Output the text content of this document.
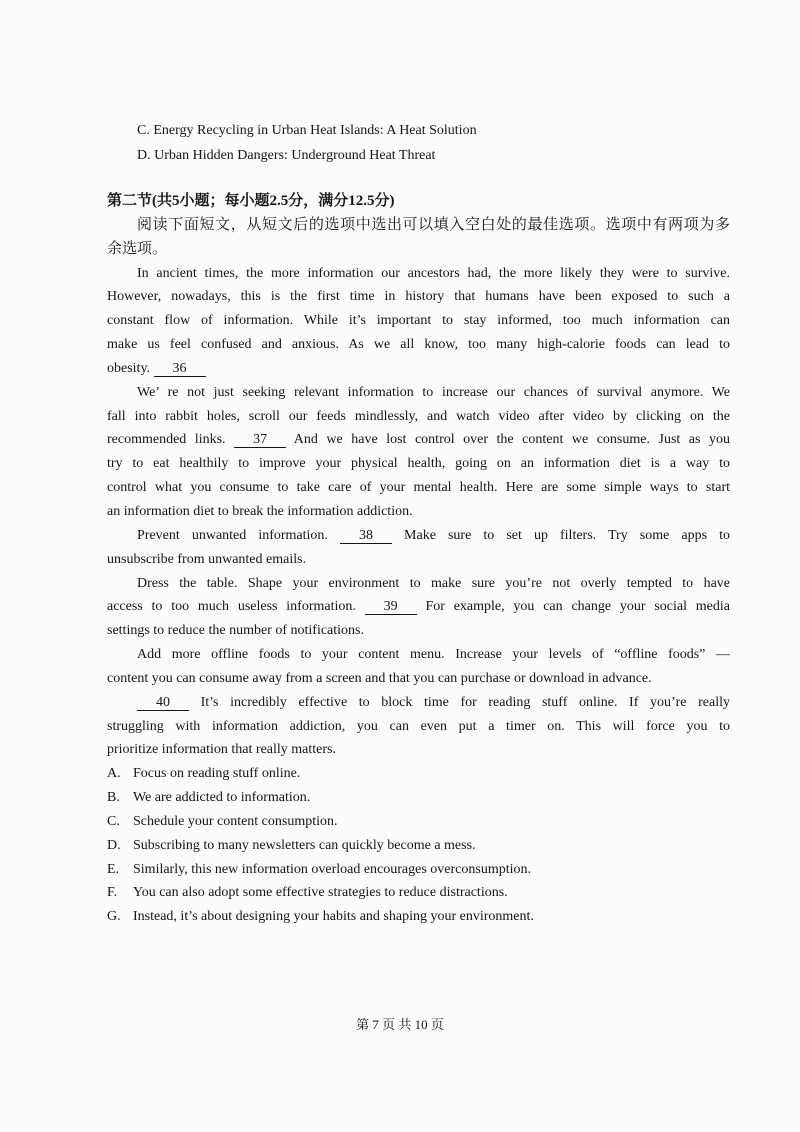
C. Energy Recycling in Urban Heat Islands: A Heat Solution
D. Urban Hidden Dangers: Underground Heat Threat
第二节(共5小题；每小题2.5分，满分12.5分)
阅读下面短文，从短文后的选项中选出可以填入空白处的最佳选项。选项中有两项为多
余选项。
In ancient times, the more information our ancestors had, the more likely they were to survive.
However, nowadays, this is the first time in history that humans have been exposed to such a
constant flow of information. While it’s important to stay informed, too much information can
make us feel confused and anxious. As we all know, too many high-calorie foods can lead to
obesity. 36
We’ re not just seeking relevant information to increase our chances of survival anymore. We
fall into rabbit holes, scroll our feeds mindlessly, and watch video after video by clicking on the
recommended links. 37 And we have lost control over the content we consume. Just as you
try to eat healthily to improve your physical health, going on an information diet is a way to
control what you consume to take care of your mental health. Here are some simple ways to start
an information diet to break the information addiction.
Prevent unwanted information. 38 Make sure to set up filters. Try some apps to
unsubscribe from unwanted emails.
Dress the table. Shape your environment to make sure you’re not overly tempted to have
access to too much useless information. 39 For example, you can change your social media
settings to reduce the number of notifications.
Add more offline foods to your content menu. Increase your levels of “offline foods” —
content you can consume away from a screen and that you can purchase or download in advance.
40 It’s incredibly effective to block time for reading stuff online. If you’re really
struggling with information addiction, you can even put a timer on. This will force you to
prioritize information that really matters.
A. Focus on reading stuff online.
B. We are addicted to information.
C. Schedule your content consumption.
D. Subscribing to many newsletters can quickly become a mess.
E. Similarly, this new information overload encourages overconsumption.
F. You can also adopt some effective strategies to reduce distractions.
G. Instead, it’s about designing your habits and shaping your environment.
第 7 页 共 10 页
